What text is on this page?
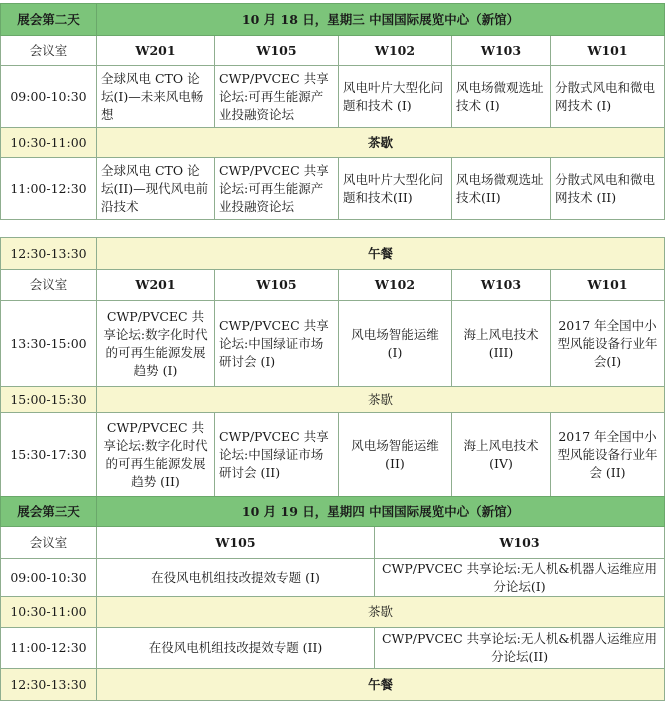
展会第二天	10 月 18 日，星期三 中国国际展览中心（新馆）				
会议室	W201	W105	W102	W103	W101
09:00-10:30	全球风电 CTO 论坛(I)—未来风电畅想	CWP/PVCEC 共享论坛:可再生能源产业投融资论坛	风电叶片大型化问题和技术 (I)	风电场微观选址技术 (I)	分散式风电和微电网技术 (I)
10:30-11:00	茶歇				
11:00-12:30	全球风电 CTO 论坛(II)—现代风电前沿技术	CWP/PVCEC 共享论坛:可再生能源产业投融资论坛	风电叶片大型化问题和技术(II)	风电场微观选址技术(II)	分散式风电和微电网技术 (II)
12:30-13:30	午餐				
会议室	W201	W105	W102	W103	W101
13:30-15:00	CWP/PVCEC 共享论坛:数字化时代的可再生能源发展趋势 (I)	CWP/PVCEC 共享论坛:中国绿证市场研讨会 (I)	风电场智能运维 (I)	海上风电技术 (III)	2017 年全国中小型风能设备行业年会(I)
15:00-15:30	茶歇				
15:30-17:30	CWP/PVCEC 共享论坛:数字化时代的可再生能源发展趋势 (II)	CWP/PVCEC 共享论坛:中国绿证市场研讨会 (II)	风电场智能运维 (II)	海上风电技术 (IV)	2017 年全国中小型风能设备行业年会 (II)
展会第三天	10 月 19 日，星期四 中国国际展览中心（新馆）	
会议室	W105	W103
09:00-10:30	在役风电机组技改提效专题 (I)	CWP/PVCEC 共享论坛:无人机&机器人运维应用分论坛(I)
10:30-11:00	茶歇	
11:00-12:30	在役风电机组技改提效专题 (II)	CWP/PVCEC 共享论坛:无人机&机器人运维应用分论坛(II)
12:30-13:30	午餐	
